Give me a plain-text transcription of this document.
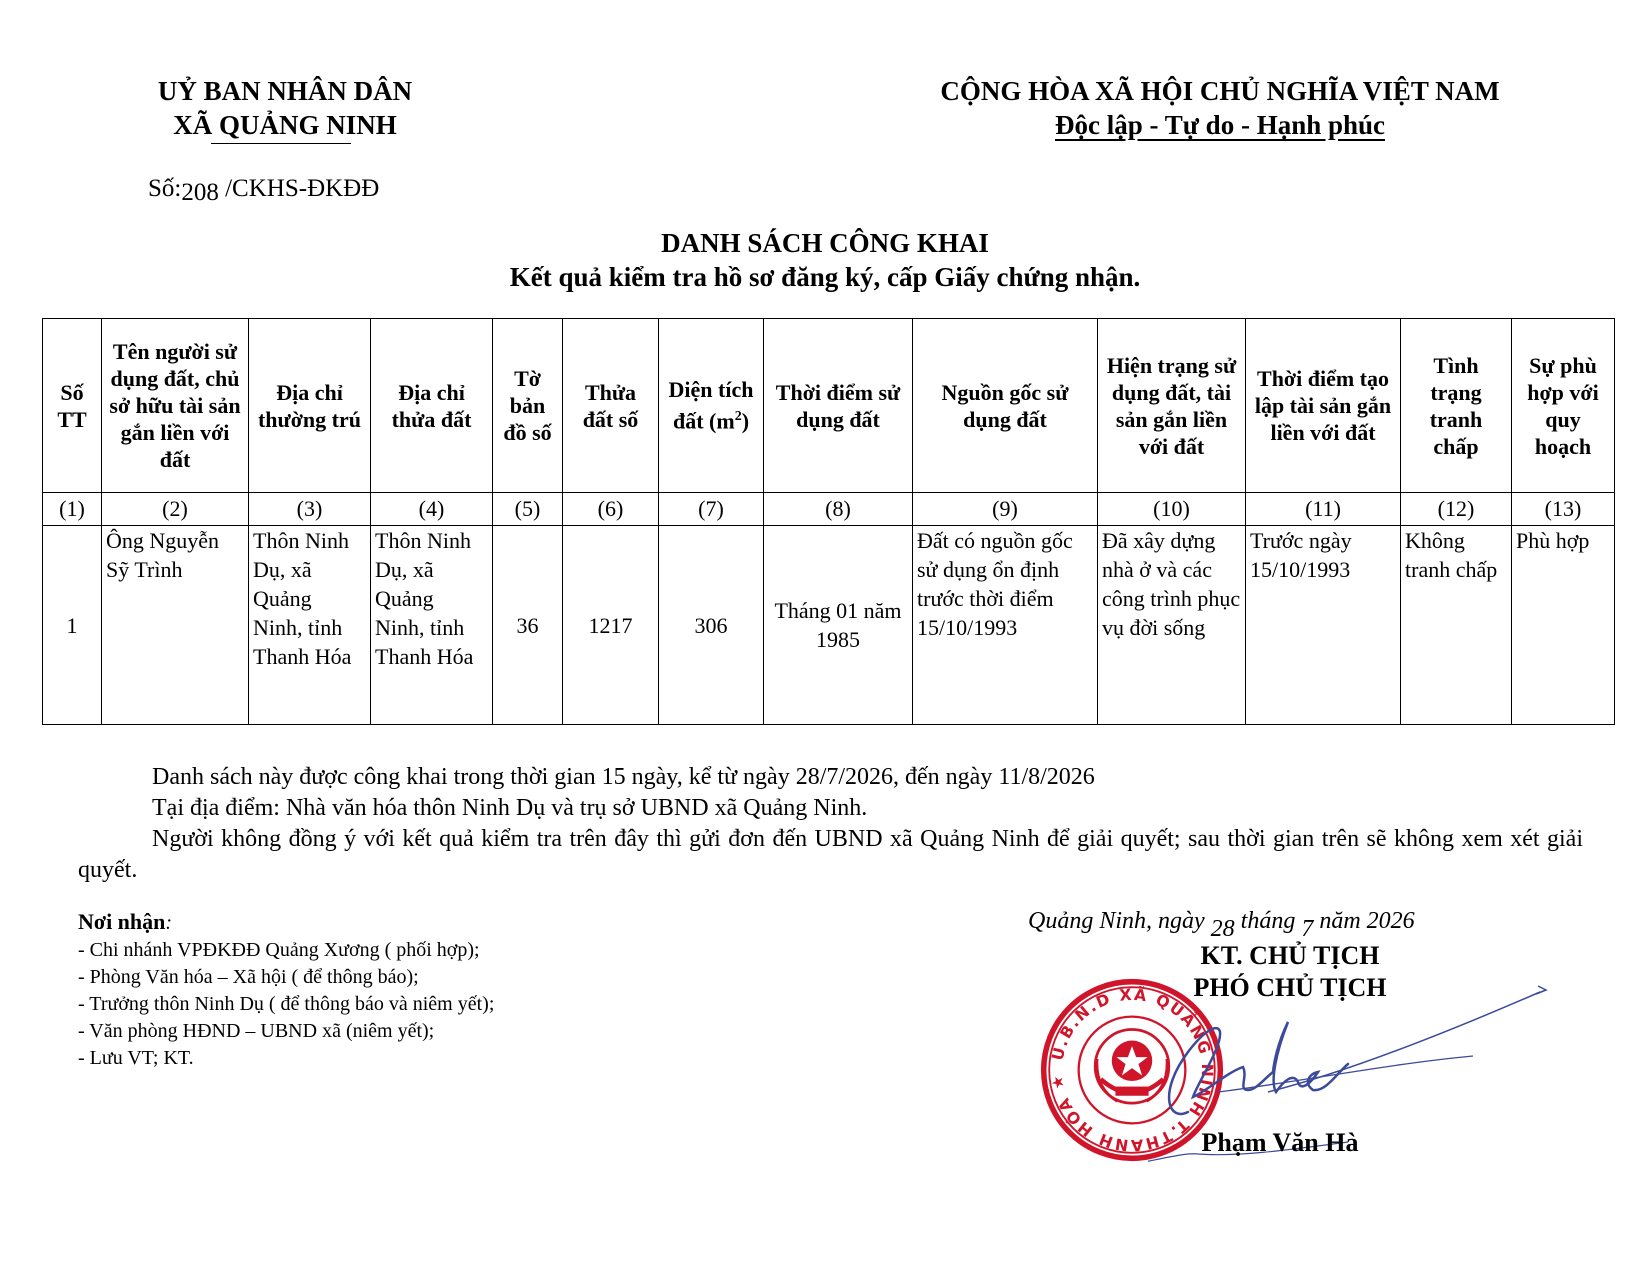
UỶ BAN NHÂN DÂN
XÃ QUẢNG NINH
CỘNG HÒA XÃ HỘI CHỦ NGHĨA VIỆT NAM
Độc lập - Tự do - Hạnh phúc
Số:208 /CKHS-ĐKĐĐ
DANH SÁCH CÔNG KHAI
Kết quả kiểm tra hồ sơ đăng ký, cấp Giấy chứng nhận.
Số TT	Tên người sử dụng đất, chủ sở hữu tài sản gắn liền với đất	Địa chỉ thường trú	Địa chỉ thửa đất	Tờ bản đồ số	Thửa đất số	Diện tích đất $(m^2)$	Thời điểm sử dụng đất	Nguồn gốc sử dụng đất	Hiện trạng sử dụng đất, tài sản gắn liền với đất	Thời điểm tạo lập tài sản gắn liền với đất	Tình trạng tranh chấp	Sự phù hợp với quy hoạch
(1)	(2)	(3)	(4)	(5)	(6)	(7)	(8)	(9)	(10)	(11)	(12)	(13)
1	Ông Nguyễn Sỹ Trình	Thôn Ninh Dụ, xã Quảng Ninh, tỉnh Thanh Hóa	Thôn Ninh Dụ, xã Quảng Ninh, tỉnh Thanh Hóa	36	1217	306	Tháng 01 năm 1985	Đất có nguồn gốc sử dụng ổn định trước thời điểm 15/10/1993	Đã xây dựng nhà ở và các công trình phục vụ đời sống	Trước ngày 15/10/1993	Không tranh chấp	Phù hợp
Danh sách này được công khai trong thời gian 15 ngày, kể từ ngày 28/7/2026, đến ngày 11/8/2026
Tại địa điểm: Nhà văn hóa thôn Ninh Dụ và trụ sở UBND xã Quảng Ninh.
Người không đồng ý với kết quả kiểm tra trên đây thì gửi đơn đến UBND xã Quảng Ninh để giải quyết; sau thời gian trên sẽ không xem xét giải quyết.
Nơi nhận:
- Chi nhánh VPĐKĐĐ Quảng Xương ( phối hợp);
- Phòng Văn hóa – Xã hội ( để thông báo);
- Trưởng thôn Ninh Dụ ( để thông báo và niêm yết);
- Văn phòng HĐND – UBND xã (niêm yết);
- Lưu VT; KT.
Quảng Ninh, ngày 28 tháng 7 năm 2026
KT. CHỦ TỊCH
PHÓ CHỦ TỊCH
U.B.N.D XÃ QUẢNG NINH T.THANH HÓA ★
Phạm Văn Hà
